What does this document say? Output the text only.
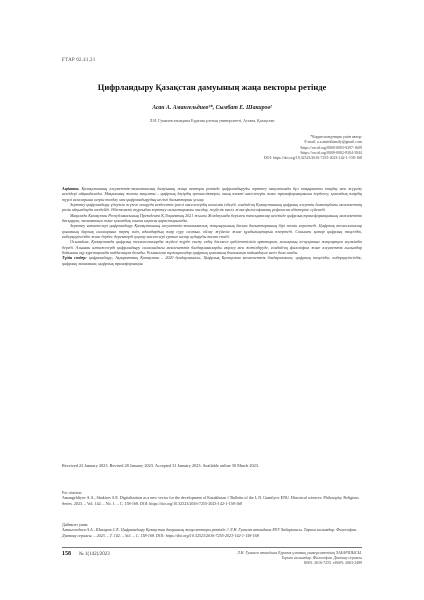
ҒТАР 02.41.21
Цифрландыру Қазақстан дамуының жаңа векторы ретінде
Асан А. Амангельдиев¹*, Сымбат Е. Шакиров²
Л.Н. Гумилев атындағы Еуразия ұлттық университеті, Астана, Қазақстан
*Корреспонденция үшін автор:
E-mail: a.a.amirkhanaly@gmail.com
¹https://orcid.org/0000-0003-9297-1609
²https://orcid.org/0000-0002-8304-5844
DOI: https://doi.org/10.32523/2616-7255-2023-142-1-158-168
Аңдатпа. Қазақстанның әлеуметтік-экономикалық дамуының жаңа векторы ретінде цифрландыруды зерттеу мақсатында бұл тақырыпты таңдау мен жүргізу негіздері айқындалады. Мақаланың жалпы мақсаты – цифрлық дәуірдің ерекшеліктерін, оның өзекті мәселелерін және трансформациясын зерделеу; қоғамдық өмірдің түрлі салаларына әсерін талдау мен цифрландырудың негізгі бағыттарын ұсыну.
Зерттеу цифрландыру үдерісін жүзеге асыруда кездесетін іргелі мәселелердің шешімін іздеуді, сондай-ақ Қазақстанның цифрлық әлеуетін дамытудағы мемлекеттің рөлін айқындауды көздейді. Әдістемелік тұрғыдан зерттеу салыстырмалы талдау, жүйелік тәсіл және философиялық рефлексия әдістеріне сүйенеді.
Мақалада Қазақстан Республикасының Президенті Қ.Тоқаевтың 2021 жылғы Жолдауында берілген тапсырмалар негізінде цифрлық трансформацияның мемлекеттік басқаруға, экономикаға және қоғамдық санаға ықпалы қарастырылады.
Зерттеу нәтижелері цифрландыру Қазақстанның әлеуметтік-экономикалық жаңғыруының басым бағыттарының бірі екенін көрсетеді. Цифрлық технологиялар қоғамның барлық салаларына терең еніп, адамдардың өмір сүру салтын, ойлау жүйесін және құндылықтарын өзгертеді. Сонымен қатар цифрлық теңсіздік, киберқауіпсіздік және дербес деректерді қорғау мәселелері ерекше назар аударуды талап етеді.
Осылайша, Қазақстанда цифрлық технологияларды жүйелі түрде енгізу елдің бәсекеге қабілеттілігін арттырып, халықтың әл-ауқатын жақсартуға мүмкіндік береді. Алынған нәтижелерді цифрландыру саласындағы мемлекеттік бағдарламаларды әзірлеу мен жетілдіруде, сондай-ақ философия және әлеуметтік ғылымдар бойынша оқу курстарында пайдалануға болады. Ұсынылған тұжырымдар цифрлық қоғамның болашағын пайымдауға негіз бола алады.
Түйін сөздер: цифрландыру; Ақпараттық Қазақстан – 2020 бағдарламасы; Цифрлық Қазақстан мемлекеттік бағдарламасы; цифрлық теңсіздік; киберқауіпсіздік; цифрлық экономика; цифрлық трансформация.
Received 22 January 2023. Revised 28 January 2023. Accepted 31 January 2023. Available online 30 March 2023.
For citation:
Amangeldiyev A.A., Shakirov S.E. Digitalization as a new vector for the development of Kazakhstan // Bulletin of the L.N. Gumilyov ENU. Historical sciences. Philosophy. Religious Series. 2023. – Vol. 142. – No. 1. – С. 158-168. DOI: https://doi.org/10.32523/2616-7255-2023-142-1-158-168
Дәйексөз үшін:
Амангельдиев А.А., Шакиров С.Е. Цифрландыру Қазақстан дамуының жаңа векторы ретінде // Л.Н. Гумилев атындағы ЕҰУ Хабаршысы. Тарихи ғылымдар. Философия. Дінтану сериясы. – 2023. – Т. 142. – №1. – С. 158-168. DOI: https://doi.org/10.32523/2616-7255-2023-142-1-158-168
158 № 1(142)/2023	Л.Н. Гумилев атындағы Еуразия ұлттық университетінің ХАБАРШЫСЫ.
Тарихи ғылымдар. Философия. Дінтану сериясы
ISSN: 2616-7255. eISSN: 2663-2489
